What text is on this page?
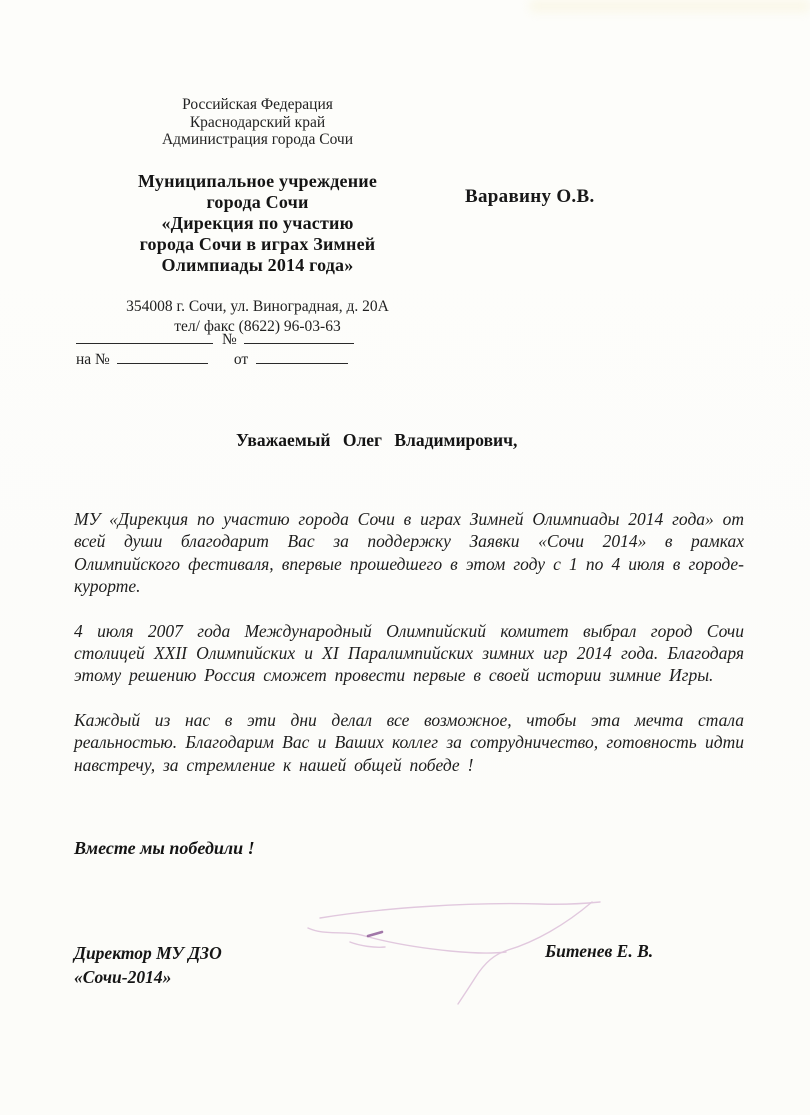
Российская Федерация
Краснодарский край
Администрация города Сочи
Муниципальное учреждение
города Сочи
«Дирекция по участию
города Сочи в играх Зимней
Олимпиады 2014 года»
354008 г. Сочи, ул. Виноградная, д. 20А
тел/ факс (8622) 96-03-63
№
на №	от
Варавину О.В.
Уважаемый Олег Владимирович,

МУ «Дирекция по участию города Сочи в играх Зимней Олимпиады 2014 года» от всей души благодарит Вас за поддержку Заявки «Сочи 2014» в рамках Олимпийского фестиваля, впервые прошедшего в этом году с 1 по 4 июля в городе-курорте.

4 июля 2007 года Международный Олимпийский комитет выбрал город Сочи столицей XXII Олимпийских и XI Паралимпийских зимних игр 2014 года. Благодаря этому решению Россия сможет провести первые в своей истории зимние Игры.

Каждый из нас в эти дни делал все возможное, чтобы эта мечта стала реальностью. Благодарим Вас и Ваших коллег за сотрудничество, готовность идти навстречу, за стремление к нашей общей победе !

Вместе мы победили !
Директор МУ ДЗО
«Сочи-2014»
Битенев Е. В.
